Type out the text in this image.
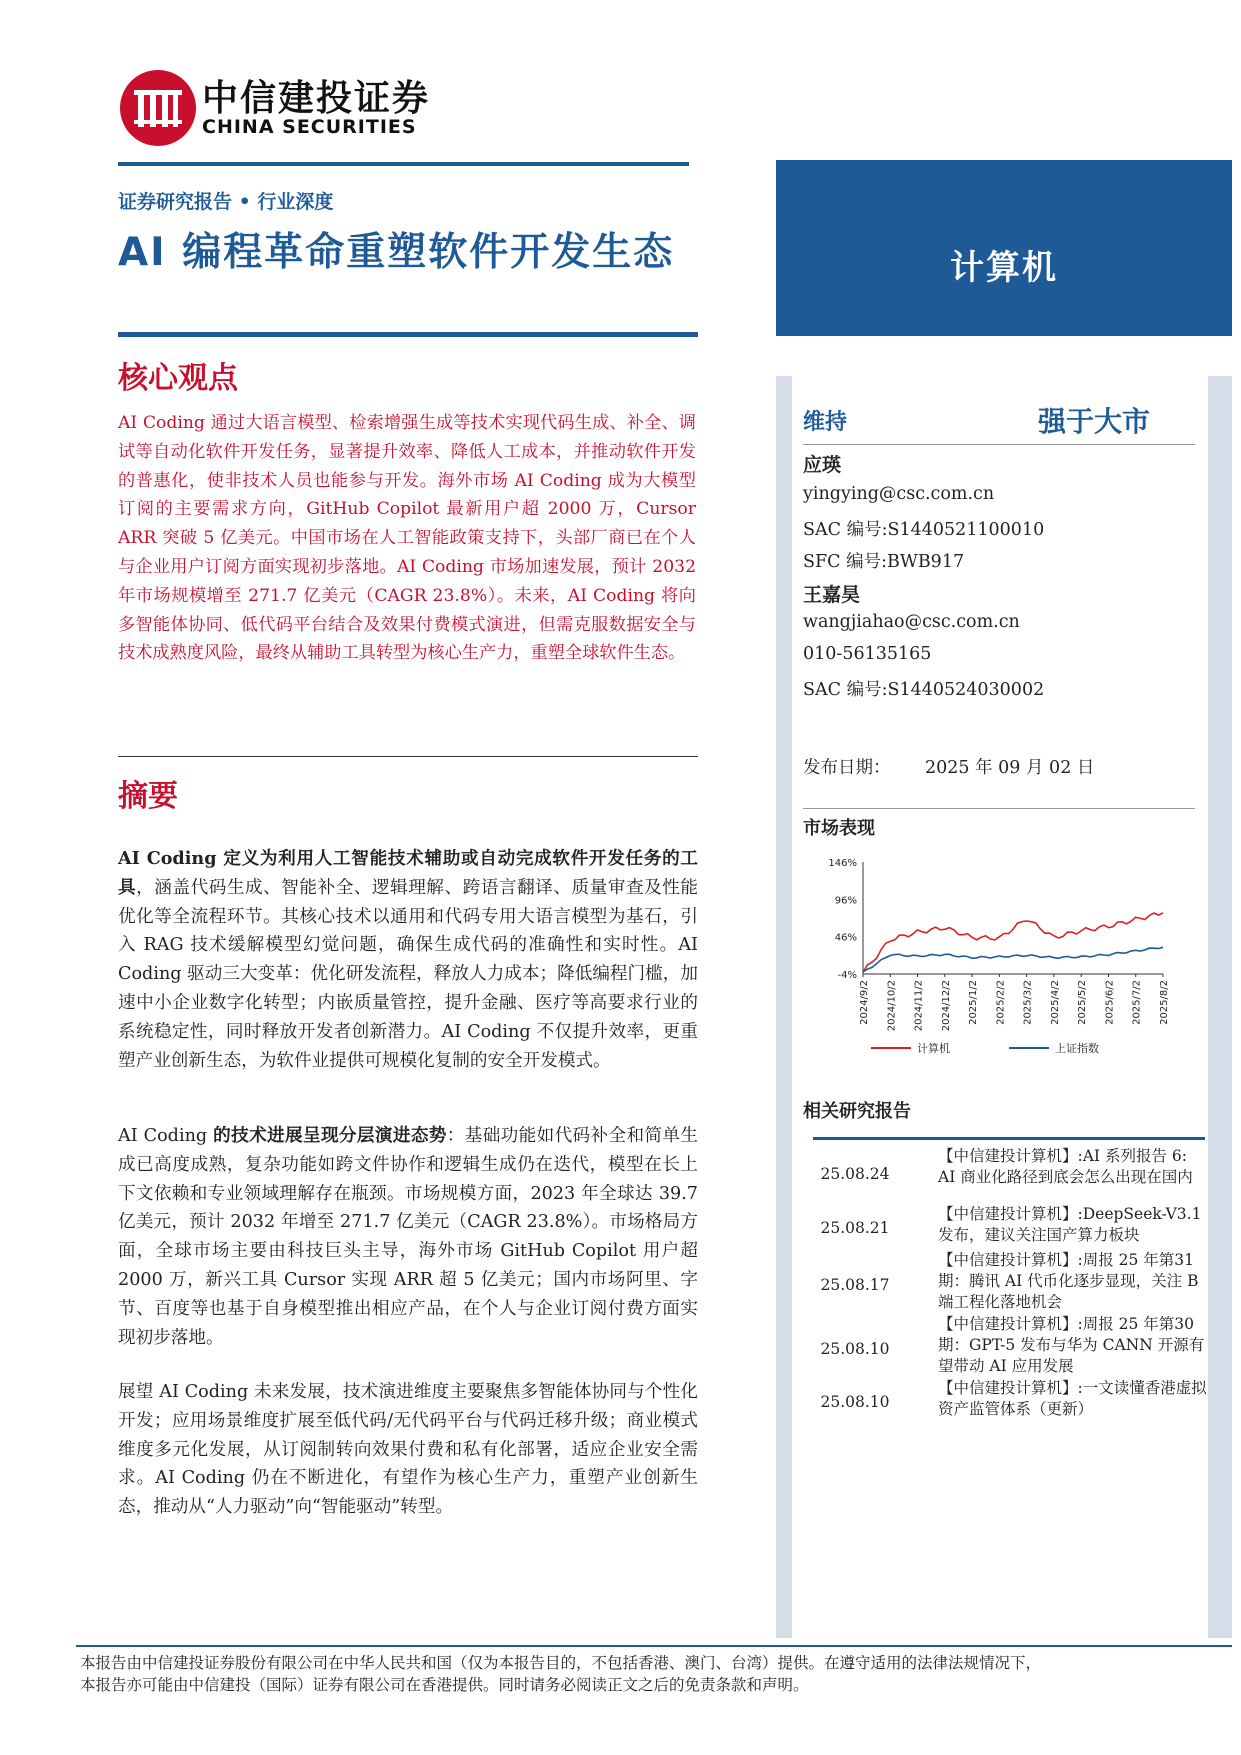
中信建投证券
CHINA SECURITIES
证券研究报告 • 行业深度
AI 编程革命重塑软件开发生态	计算机
核心观点
AI Coding 通过大语言模型、检索增强生成等技术实现代码生成、补全、调试等自动化软件开发任务，显著提升效率、降低人工成本，并推动软件开发的普惠化，使非技术人员也能参与开发。海外市场 AI Coding 成为大模型订阅的主要需求方向，GitHub Copilot 最新用户超 2000 万，Cursor ARR 突破 5 亿美元。中国市场在人工智能政策支持下，头部厂商已在个人与企业用户订阅方面实现初步落地。AI Coding 市场加速发展，预计 2032 年市场规模增至 271.7 亿美元（CAGR 23.8%）。未来，AI Coding 将向多智能体协同、低代码平台结合及效果付费模式演进，但需克服数据安全与技术成熟度风险，最终从辅助工具转型为核心生产力，重塑全球软件生态。
摘要
AI Coding 定义为利用人工智能技术辅助或自动完成软件开发任务的工具，涵盖代码生成、智能补全、逻辑理解、跨语言翻译、质量审查及性能优化等全流程环节。其核心技术以通用和代码专用大语言模型为基石，引入 RAG 技术缓解模型幻觉问题，确保生成代码的准确性和实时性。AI Coding 驱动三大变革：优化研发流程，释放人力成本；降低编程门槛，加速中小企业数字化转型；内嵌质量管控，提升金融、医疗等高要求行业的系统稳定性，同时释放开发者创新潜力。AI Coding 不仅提升效率，更重塑产业创新生态，为软件业提供可规模化复制的安全开发模式。
AI Coding 的技术进展呈现分层演进态势：基础功能如代码补全和简单生成已高度成熟，复杂功能如跨文件协作和逻辑生成仍在迭代，模型在长上下文依赖和专业领域理解存在瓶颈。市场规模方面，2023 年全球达 39.7 亿美元，预计 2032 年增至 271.7 亿美元（CAGR 23.8%）。市场格局方面，全球市场主要由科技巨头主导，海外市场 GitHub Copilot 用户超 2000 万，新兴工具 Cursor 实现 ARR 超 5 亿美元；国内市场阿里、字节、百度等也基于自身模型推出相应产品，在个人与企业订阅付费方面实现初步落地。
展望 AI Coding 未来发展，技术演进维度主要聚焦多智能体协同与个性化开发；应用场景维度扩展至低代码/无代码平台与代码迁移升级；商业模式维度多元化发展，从订阅制转向效果付费和私有化部署，适应企业安全需求。AI Coding 仍在不断进化，有望作为核心生产力，重塑产业创新生态，推动从“人力驱动”向“智能驱动”转型。
维持	强于大市
应瑛
yingying@csc.com.cn
SAC 编号:S1440521100010
SFC 编号:BWB917
王嘉昊
wangjiahao@csc.com.cn
010-56135165
SAC 编号:S1440524030002
发布日期： 2025 年 09 月 02 日
市场表现
146%
96%
46%
-4%
2024/9/2 2024/10/2 2024/11/2 2024/12/2 2025/1/2 2025/2/2 2025/3/2 2025/4/2 2025/5/2 2025/6/2 2025/7/2 2025/8/2
计算机	上证指数
相关研究报告
25.08.24
【中信建投计算机】:AI 系列报告 6: AI 商业化路径到底会怎么出现在国内
25.08.21
【中信建投计算机】:DeepSeek-V3.1 发布，建议关注国产算力板块
25.08.17
【中信建投计算机】:周报 25 年第31期：腾讯 AI 代币化逐步显现，关注 B 端工程化落地机会
25.08.10
【中信建投计算机】:周报 25 年第30期：GPT-5 发布与华为 CANN 开源有望带动 AI 应用发展
25.08.10
【中信建投计算机】:一文读懂香港虚拟资产监管体系（更新）
本报告由中信建投证券股份有限公司在中华人民共和国（仅为本报告目的，不包括香港、澳门、台湾）提供。在遵守适用的法律法规情况下，
本报告亦可能由中信建投（国际）证券有限公司在香港提供。同时请务必阅读正文之后的免责条款和声明。
